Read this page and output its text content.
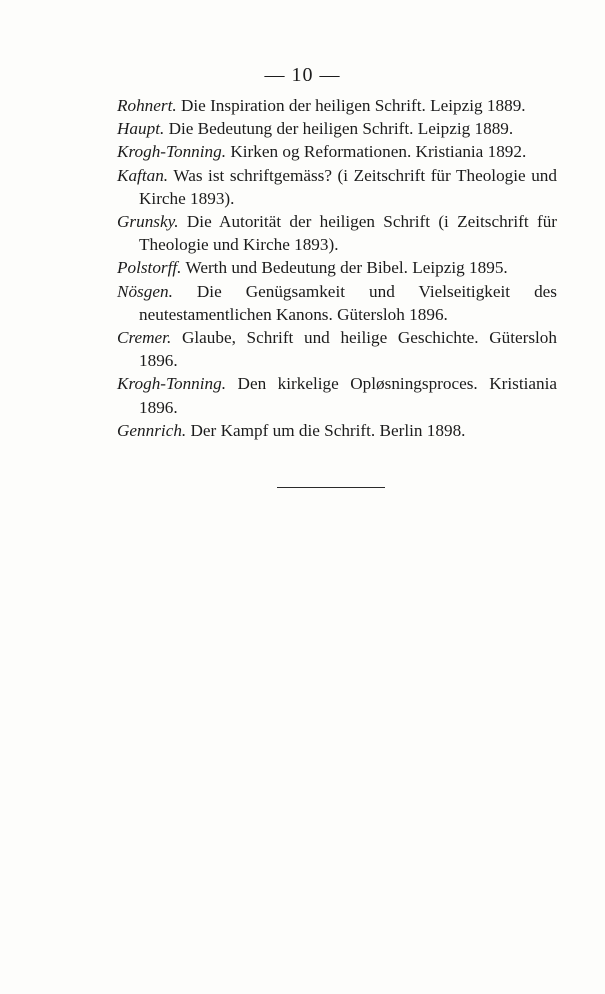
— 10 —
Rohnert. Die Inspiration der heiligen Schrift. Leipzig 1889.
Haupt. Die Bedeutung der heiligen Schrift. Leipzig 1889.
Krogh-Tonning. Kirken og Reformationen. Kristiania 1892.
Kaftan. Was ist schriftgemäss? (i Zeitschrift für Theologie und Kirche 1893).
Grunsky. Die Autorität der heiligen Schrift (i Zeitschrift für Theologie und Kirche 1893).
Polstorff. Werth und Bedeutung der Bibel. Leipzig 1895.
Nösgen. Die Genügsamkeit und Vielseitigkeit des neutestamentlichen Kanons. Gütersloh 1896.
Cremer. Glaube, Schrift und heilige Geschichte. Gütersloh 1896.
Krogh-Tonning. Den kirkelige Opløsningsproces. Kristiania 1896.
Gennrich. Der Kampf um die Schrift. Berlin 1898.
